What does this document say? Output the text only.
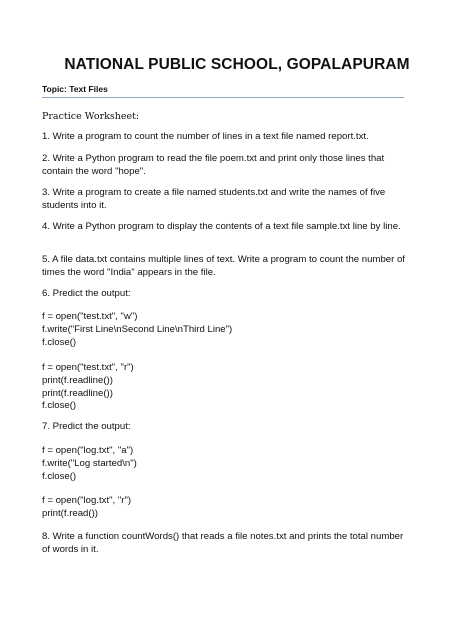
NATIONAL PUBLIC SCHOOL, GOPALAPURAM

Topic: Text Files

Practice Worksheet:

1. Write a program to count the number of lines in a text file named report.txt.

2. Write a Python program to read the file poem.txt and print only those lines that contain the word "hope".

3. Write a program to create a file named students.txt and write the names of five students into it.

4. Write a Python program to display the contents of a text file sample.txt line by line.

5. A file data.txt contains multiple lines of text. Write a program to count the number of times the word "India" appears in the file.

6. Predict the output:

f = open("test.txt", "w")
f.write("First Line\nSecond Line\nThird Line")
f.close()
f = open("test.txt", "r")
print(f.readline())
print(f.readline())
f.close()

7. Predict the output:

f = open("log.txt", "a")
f.write("Log started\n")
f.close()
f = open("log.txt", "r")
print(f.read())

8. Write a function countWords() that reads a file notes.txt and prints the total number of words in it.
